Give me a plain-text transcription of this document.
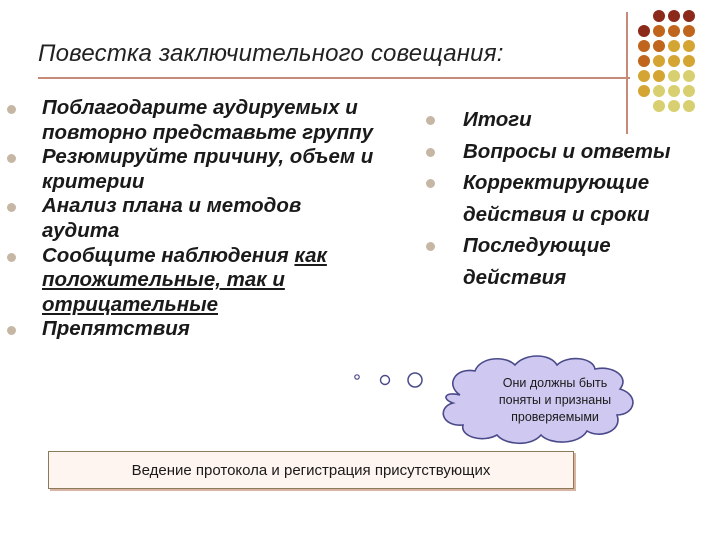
Повестка заключительного совещания:
Поблагодарите аудируемых и
повторно представьте группу
Резюмируйте причину, объем и
критерии
Анализ плана и методов
аудита
Сообщите наблюдения как
положительные, так и
отрицательные
Препятствия
Итоги
Вопросы и ответы
Корректирующие
действия и сроки
Последующие
действия
Они должны быть
поняты и признаны
проверяемыми
Ведение протокола и регистрация присутствующих
